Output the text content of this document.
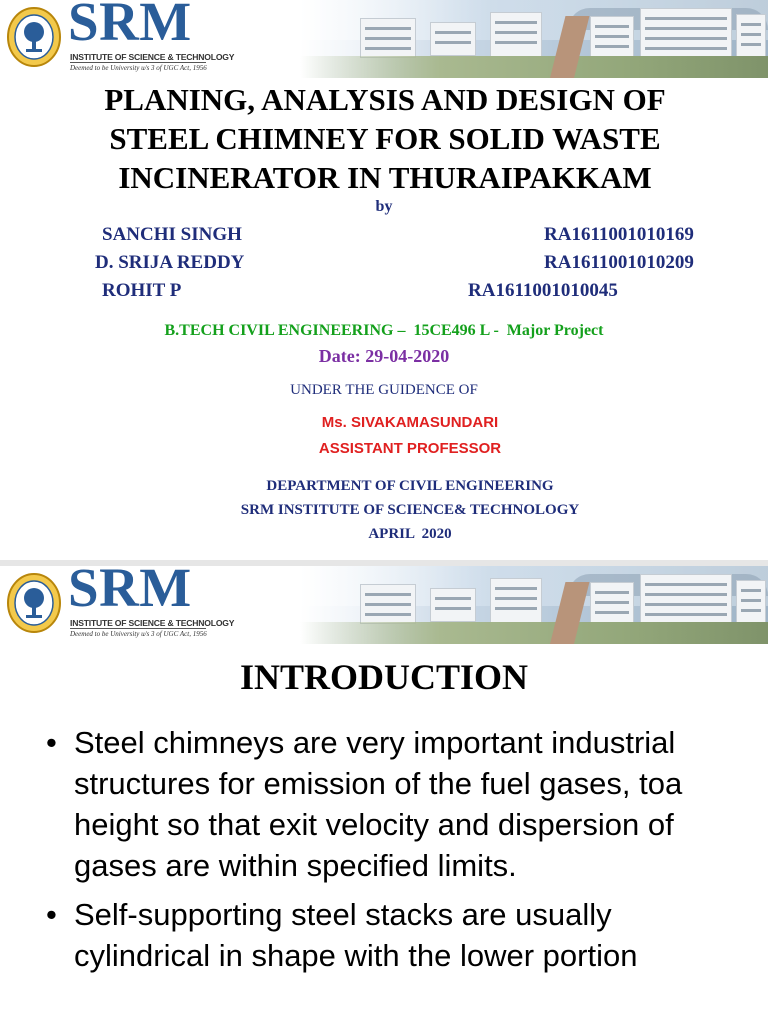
SRM
INSTITUTE OF SCIENCE & TECHNOLOGY
Deemed to be University u/s 3 of UGC Act, 1956
PLANING, ANALYSIS AND DESIGN OF
STEEL CHIMNEY FOR SOLID WASTE
INCINERATOR IN THURAIPAKKAM
by
SANCHI SINGH	RA1611001010169
D. SRIJA REDDY	RA1611001010209
ROHIT P	RA1611001010045
B.TECH CIVIL ENGINEERING –  15CE496 L -  Major Project
Date: 29-04-2020
UNDER THE GUIDENCE OF
Ms. SIVAKAMASUNDARI
ASSISTANT PROFESSOR
DEPARTMENT OF CIVIL ENGINEERING
SRM INSTITUTE OF SCIENCE& TECHNOLOGY
APRIL  2020
SRM
INSTITUTE OF SCIENCE & TECHNOLOGY
Deemed to be University u/s 3 of UGC Act, 1956
INTRODUCTION
• Steel chimneys are very important industrial structures for emission of the fuel gases, toa height so that exit velocity and dispersion of gases are within specified limits.
• Self-supporting steel stacks are usually cylindrical in shape with the lower portion
